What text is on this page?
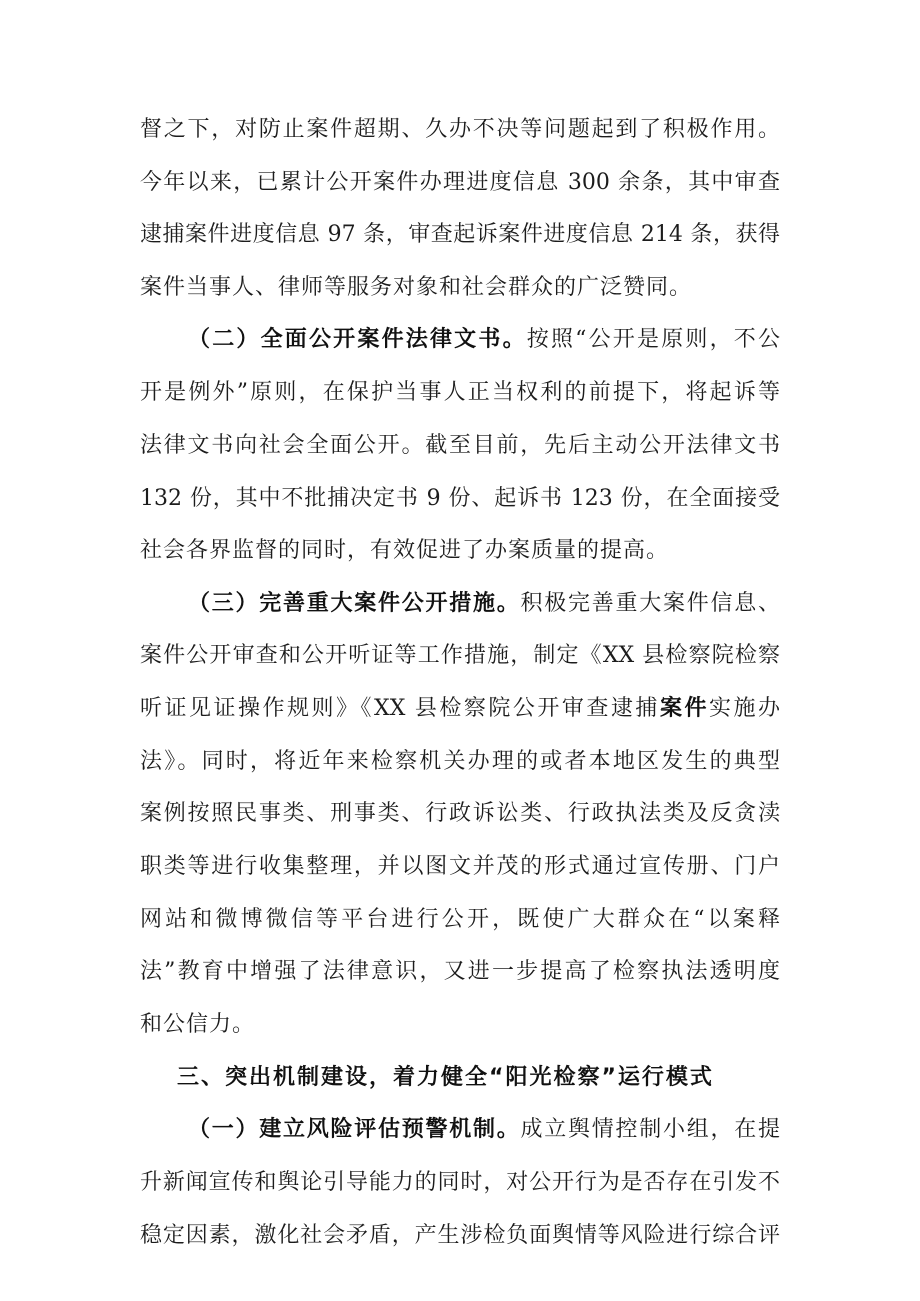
督之下，对防止案件超期、久办不决等问题起到了积极作用。
今年以来，已累计公开案件办理进度信息 300 余条，其中审查
逮捕案件进度信息 97 条，审查起诉案件进度信息 214 条，获得
案件当事人、律师等服务对象和社会群众的广泛赞同。
（二）全面公开案件法律文书。按照“公开是原则，不公
开是例外”原则，在保护当事人正当权利的前提下，将起诉等
法律文书向社会全面公开。截至目前，先后主动公开法律文书
132 份，其中不批捕决定书 9 份、起诉书 123 份，在全面接受
社会各界监督的同时，有效促进了办案质量的提高。
（三）完善重大案件公开措施。积极完善重大案件信息、
案件公开审查和公开听证等工作措施，制定《XX 县检察院检察
听证见证操作规则》《XX 县检察院公开审查逮捕案件实施办
法》。同时，将近年来检察机关办理的或者本地区发生的典型
案例按照民事类、刑事类、行政诉讼类、行政执法类及反贪渎
职类等进行收集整理，并以图文并茂的形式通过宣传册、门户
网站和微博微信等平台进行公开，既使广大群众在“以案释
法”教育中增强了法律意识，又进一步提高了检察执法透明度
和公信力。
三、突出机制建设，着力健全“阳光检察”运行模式
（一）建立风险评估预警机制。成立舆情控制小组，在提
升新闻宣传和舆论引导能力的同时，对公开行为是否存在引发不
稳定因素，激化社会矛盾，产生涉检负面舆情等风险进行综合评
